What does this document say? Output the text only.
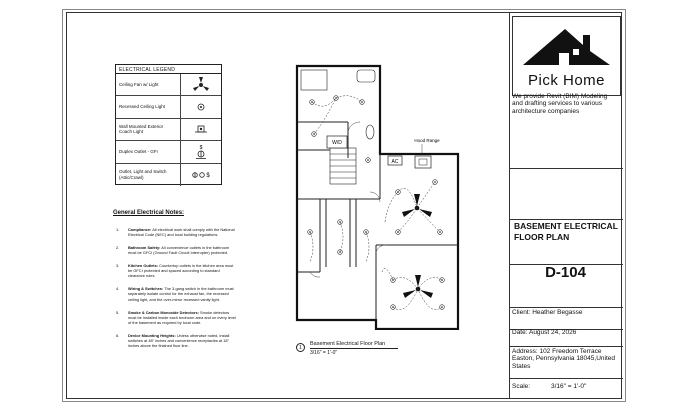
ELECTRICAL LEGEND
Ceiling Fan w/ Light
Recessed Ceiling Light
Wall Mounted Exterior Coach Light
Duplex Outlet - GFI
$
Outlet, Light and Switch (Attic/Crawl)	$
General Electrical Notes:
1.	Compliance: All electrical work shall comply with the National Electrical Code (NEC) and local building regulations.
2.	Bathroom Safety: All convenience outlets in the bathroom must be GFCI (Ground Fault Circuit Interrupter) protected.
3.	Kitchen Outlets: Countertop outlets in the kitchen area must be GFCI protected and spaced according to standard clearance rules.
4.	Wiring & Switches: The 3-gang switch in the bathroom must separately isolate control for the exhaust fan, the recessed ceiling light, and the over-mirror recessed vanity light.
5.	Smoke & Carbon Monoxide Detectors: Smoke detectors must be installed inside each bedroom area and on every level of the basement as required by local code.
6.	Device Mounting Heights: Unless otherwise noted, install switches at 48" inches and convenience receptacles at 18" inches above the finished floor line.
W/D
AC
Hood Range
1
Basement Electrical Floor Plan
3/16" = 1'-0"
Pick Home
We provide Revit (BIM) Modeling and drafting services to various architecture companies
BASEMENT ELECTRICAL
FLOOR PLAN
D-104
Client: Heather Begasse
Date: August 24, 2026
Address: 102 Freedom Terrace Easton, Pennsylvania 18045,United States
Scale:	3/16" = 1'-0"
